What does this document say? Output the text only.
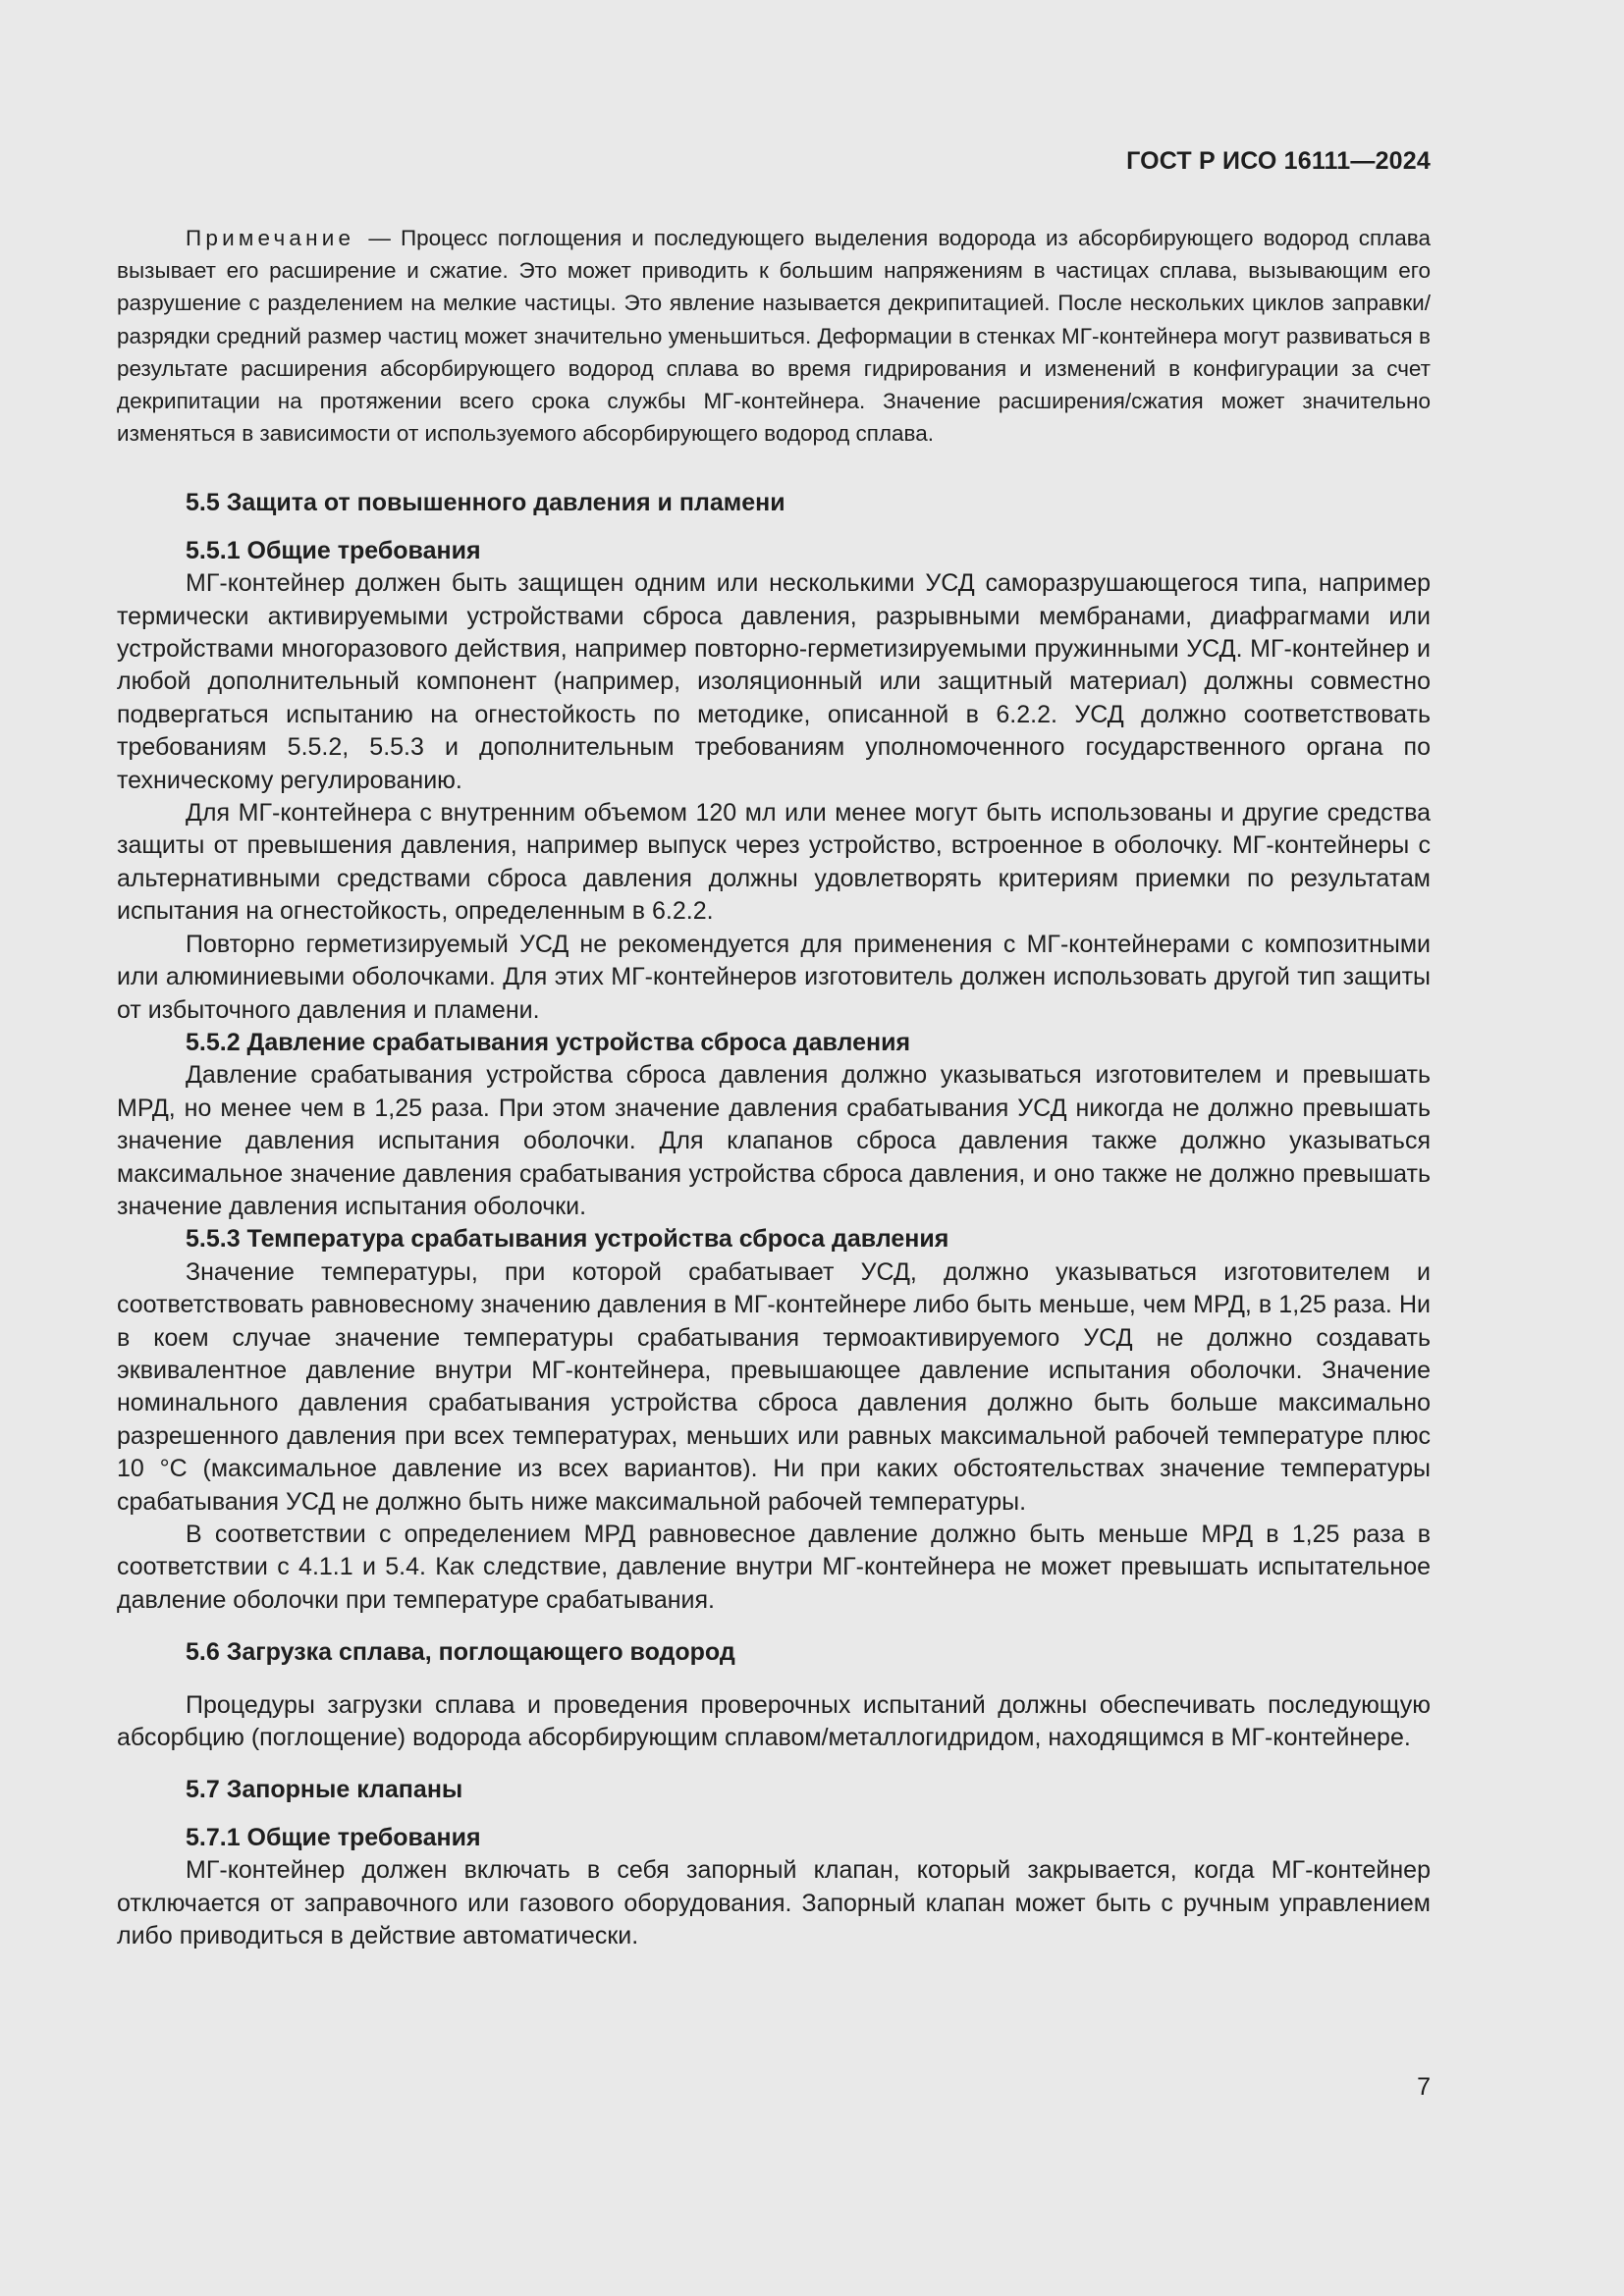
ГОСТ Р ИСО 16111—2024

Примечание — Процесс поглощения и последующего выделения водорода из абсорбирующего водород сплава вызывает его расширение и сжатие. Это может приводить к большим напряжениям в частицах сплава, вызывающим его разрушение с разделением на мелкие частицы. Это явление называется декрипитацией. После нескольких циклов заправки/разрядки средний размер частиц может значительно уменьшиться. Деформации в стенках МГ-контейнера могут развиваться в результате расширения абсорбирующего водород сплава во время гидрирования и изменений в конфигурации за счет декрипитации на протяжении всего срока службы МГ-контейнера. Значение расширения/сжатия может значительно изменяться в зависимости от используемого абсорбирующего водород сплава.

5.5 Защита от повышенного давления и пламени
5.5.1 Общие требования

МГ-контейнер должен быть защищен одним или несколькими УСД саморазрушающегося типа, например термически активируемыми устройствами сброса давления, разрывными мембранами, диафрагмами или устройствами многоразового действия, например повторно-герметизируемыми пружинными УСД. МГ-контейнер и любой дополнительный компонент (например, изоляционный или защитный материал) должны совместно подвергаться испытанию на огнестойкость по методике, описанной в 6.2.2. УСД должно соответствовать требованиям 5.5.2, 5.5.3 и дополнительным требованиям уполномоченного государственного органа по техническому регулированию.

Для МГ-контейнера с внутренним объемом 120 мл или менее могут быть использованы и другие средства защиты от превышения давления, например выпуск через устройство, встроенное в оболочку. МГ-контейнеры с альтернативными средствами сброса давления должны удовлетворять критериям приемки по результатам испытания на огнестойкость, определенным в 6.2.2.

Повторно герметизируемый УСД не рекомендуется для применения с МГ-контейнерами с композитными или алюминиевыми оболочками. Для этих МГ-контейнеров изготовитель должен использовать другой тип защиты от избыточного давления и пламени.

5.5.2 Давление срабатывания устройства сброса давления

Давление срабатывания устройства сброса давления должно указываться изготовителем и превышать МРД, но менее чем в 1,25 раза. При этом значение давления срабатывания УСД никогда не должно превышать значение давления испытания оболочки. Для клапанов сброса давления также должно указываться максимальное значение давления срабатывания устройства сброса давления, и оно также не должно превышать значение давления испытания оболочки.

5.5.3 Температура срабатывания устройства сброса давления

Значение температуры, при которой срабатывает УСД, должно указываться изготовителем и соответствовать равновесному значению давления в МГ-контейнере либо быть меньше, чем МРД, в 1,25 раза. Ни в коем случае значение температуры срабатывания термоактивируемого УСД не должно создавать эквивалентное давление внутри МГ-контейнера, превышающее давление испытания оболочки. Значение номинального давления срабатывания устройства сброса давления должно быть больше максимально разрешенного давления при всех температурах, меньших или равных максимальной рабочей температуре плюс 10 °С (максимальное давление из всех вариантов). Ни при каких обстоятельствах значение температуры срабатывания УСД не должно быть ниже максимальной рабочей температуры.

В соответствии с определением МРД равновесное давление должно быть меньше МРД в 1,25 раза в соответствии с 4.1.1 и 5.4. Как следствие, давление внутри МГ-контейнера не может превышать испытательное давление оболочки при температуре срабатывания.

5.6 Загрузка сплава, поглощающего водород

Процедуры загрузки сплава и проведения проверочных испытаний должны обеспечивать последующую абсорбцию (поглощение) водорода абсорбирующим сплавом/металлогидридом, находящимся в МГ-контейнере.

5.7 Запорные клапаны
5.7.1 Общие требования

МГ-контейнер должен включать в себя запорный клапан, который закрывается, когда МГ-контейнер отключается от заправочного или газового оборудования. Запорный клапан может быть с ручным управлением либо приводиться в действие автоматически.

7
